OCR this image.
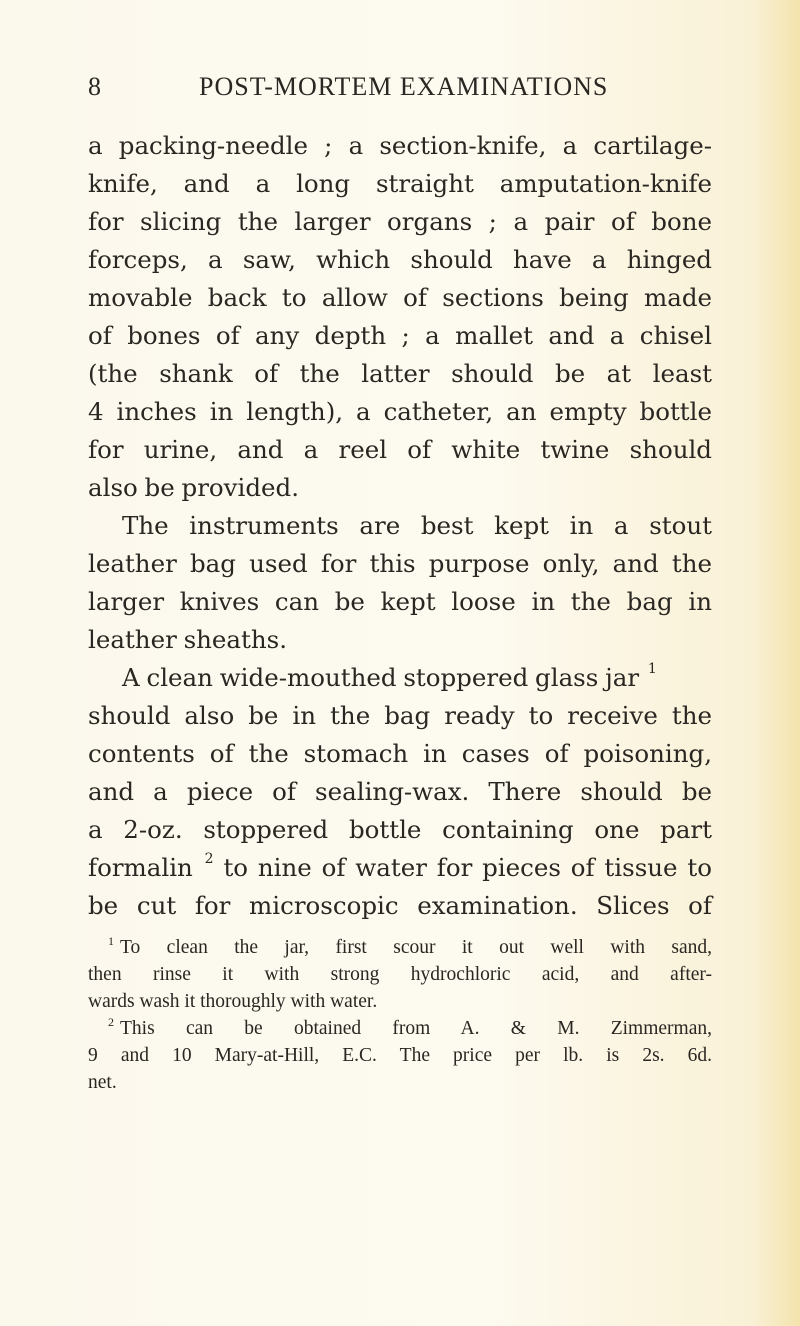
8	POST-MORTEM EXAMINATIONS
a packing-needle ; a section-knife, a cartilage-
knife, and a long straight amputation-knife
for slicing the larger organs ; a pair of bone
forceps, a saw, which should have a hinged
movable back to allow of sections being made
of bones of any depth ; a mallet and a chisel
(the shank of the latter should be at least
4 inches in length), a catheter, an empty bottle
for urine, and a reel of white twine should
also be provided.
The instruments are best kept in a stout
leather bag used for this purpose only, and the
larger knives can be kept loose in the bag in
leather sheaths.
A clean wide-mouthed stoppered glass jar $^1$
should also be in the bag ready to receive the
contents of the stomach in cases of poisoning,
and a piece of sealing-wax. There should be
a 2-oz. stoppered bottle containing one part
formalin $^2$ to nine of water for pieces of tissue to
be cut for microscopic examination. Slices of
$^1$ To clean the jar, first scour it out well with sand,
then rinse it with strong hydrochloric acid, and after-
wards wash it thoroughly with water.
$^2$ This can be obtained from A. & M. Zimmerman,
9 and 10 Mary-at-Hill, E.C. The price per lb. is 2s. 6d.
net.
